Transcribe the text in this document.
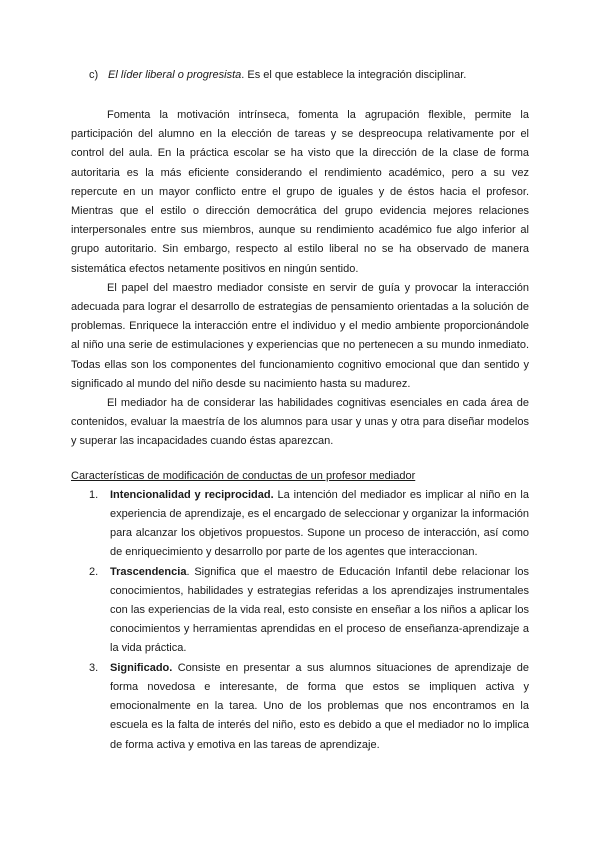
c) El líder liberal o progresista. Es el que establece la integración disciplinar.

Fomenta la motivación intrínseca, fomenta la agrupación flexible, permite la participación del alumno en la elección de tareas y se despreocupa relativamente por el control del aula. En la práctica escolar se ha visto que la dirección de la clase de forma autoritaria es la más eficiente considerando el rendimiento académico, pero a su vez repercute en un mayor conflicto entre el grupo de iguales y de éstos hacia el profesor. Mientras que el estilo o dirección democrática del grupo evidencia mejores relaciones interpersonales entre sus miembros, aunque su rendimiento académico fue algo inferior al grupo autoritario. Sin embargo, respecto al estilo liberal no se ha observado de manera sistemática efectos netamente positivos en ningún sentido.

El papel del maestro mediador consiste en servir de guía y provocar la interacción adecuada para lograr el desarrollo de estrategias de pensamiento orientadas a la solución de problemas. Enriquece la interacción entre el individuo y el medio ambiente proporcionándole al niño una serie de estimulaciones y experiencias que no pertenecen a su mundo inmediato. Todas ellas son los componentes del funcionamiento cognitivo emocional que dan sentido y significado al mundo del niño desde su nacimiento hasta su madurez.

El mediador ha de considerar las habilidades cognitivas esenciales en cada área de contenidos, evaluar la maestría de los alumnos para usar y unas y otra para diseñar modelos y superar las incapacidades cuando éstas aparezcan.

Características de modificación de conductas de un profesor mediador

1. Intencionalidad y reciprocidad. La intención del mediador es implicar al niño en la experiencia de aprendizaje, es el encargado de seleccionar y organizar la información para alcanzar los objetivos propuestos. Supone un proceso de interacción, así como de enriquecimiento y desarrollo por parte de los agentes que interaccionan.
2. Trascendencia. Significa que el maestro de Educación Infantil debe relacionar los conocimientos, habilidades y estrategias referidas a los aprendizajes instrumentales con las experiencias de la vida real, esto consiste en enseñar a los niños a aplicar los conocimientos y herramientas aprendidas en el proceso de enseñanza-aprendizaje a la vida práctica.
3. Significado. Consiste en presentar a sus alumnos situaciones de aprendizaje de forma novedosa e interesante, de forma que estos se impliquen activa y emocionalmente en la tarea. Uno de los problemas que nos encontramos en la escuela es la falta de interés del niño, esto es debido a que el mediador no lo implica de forma activa y emotiva en las tareas de aprendizaje.
